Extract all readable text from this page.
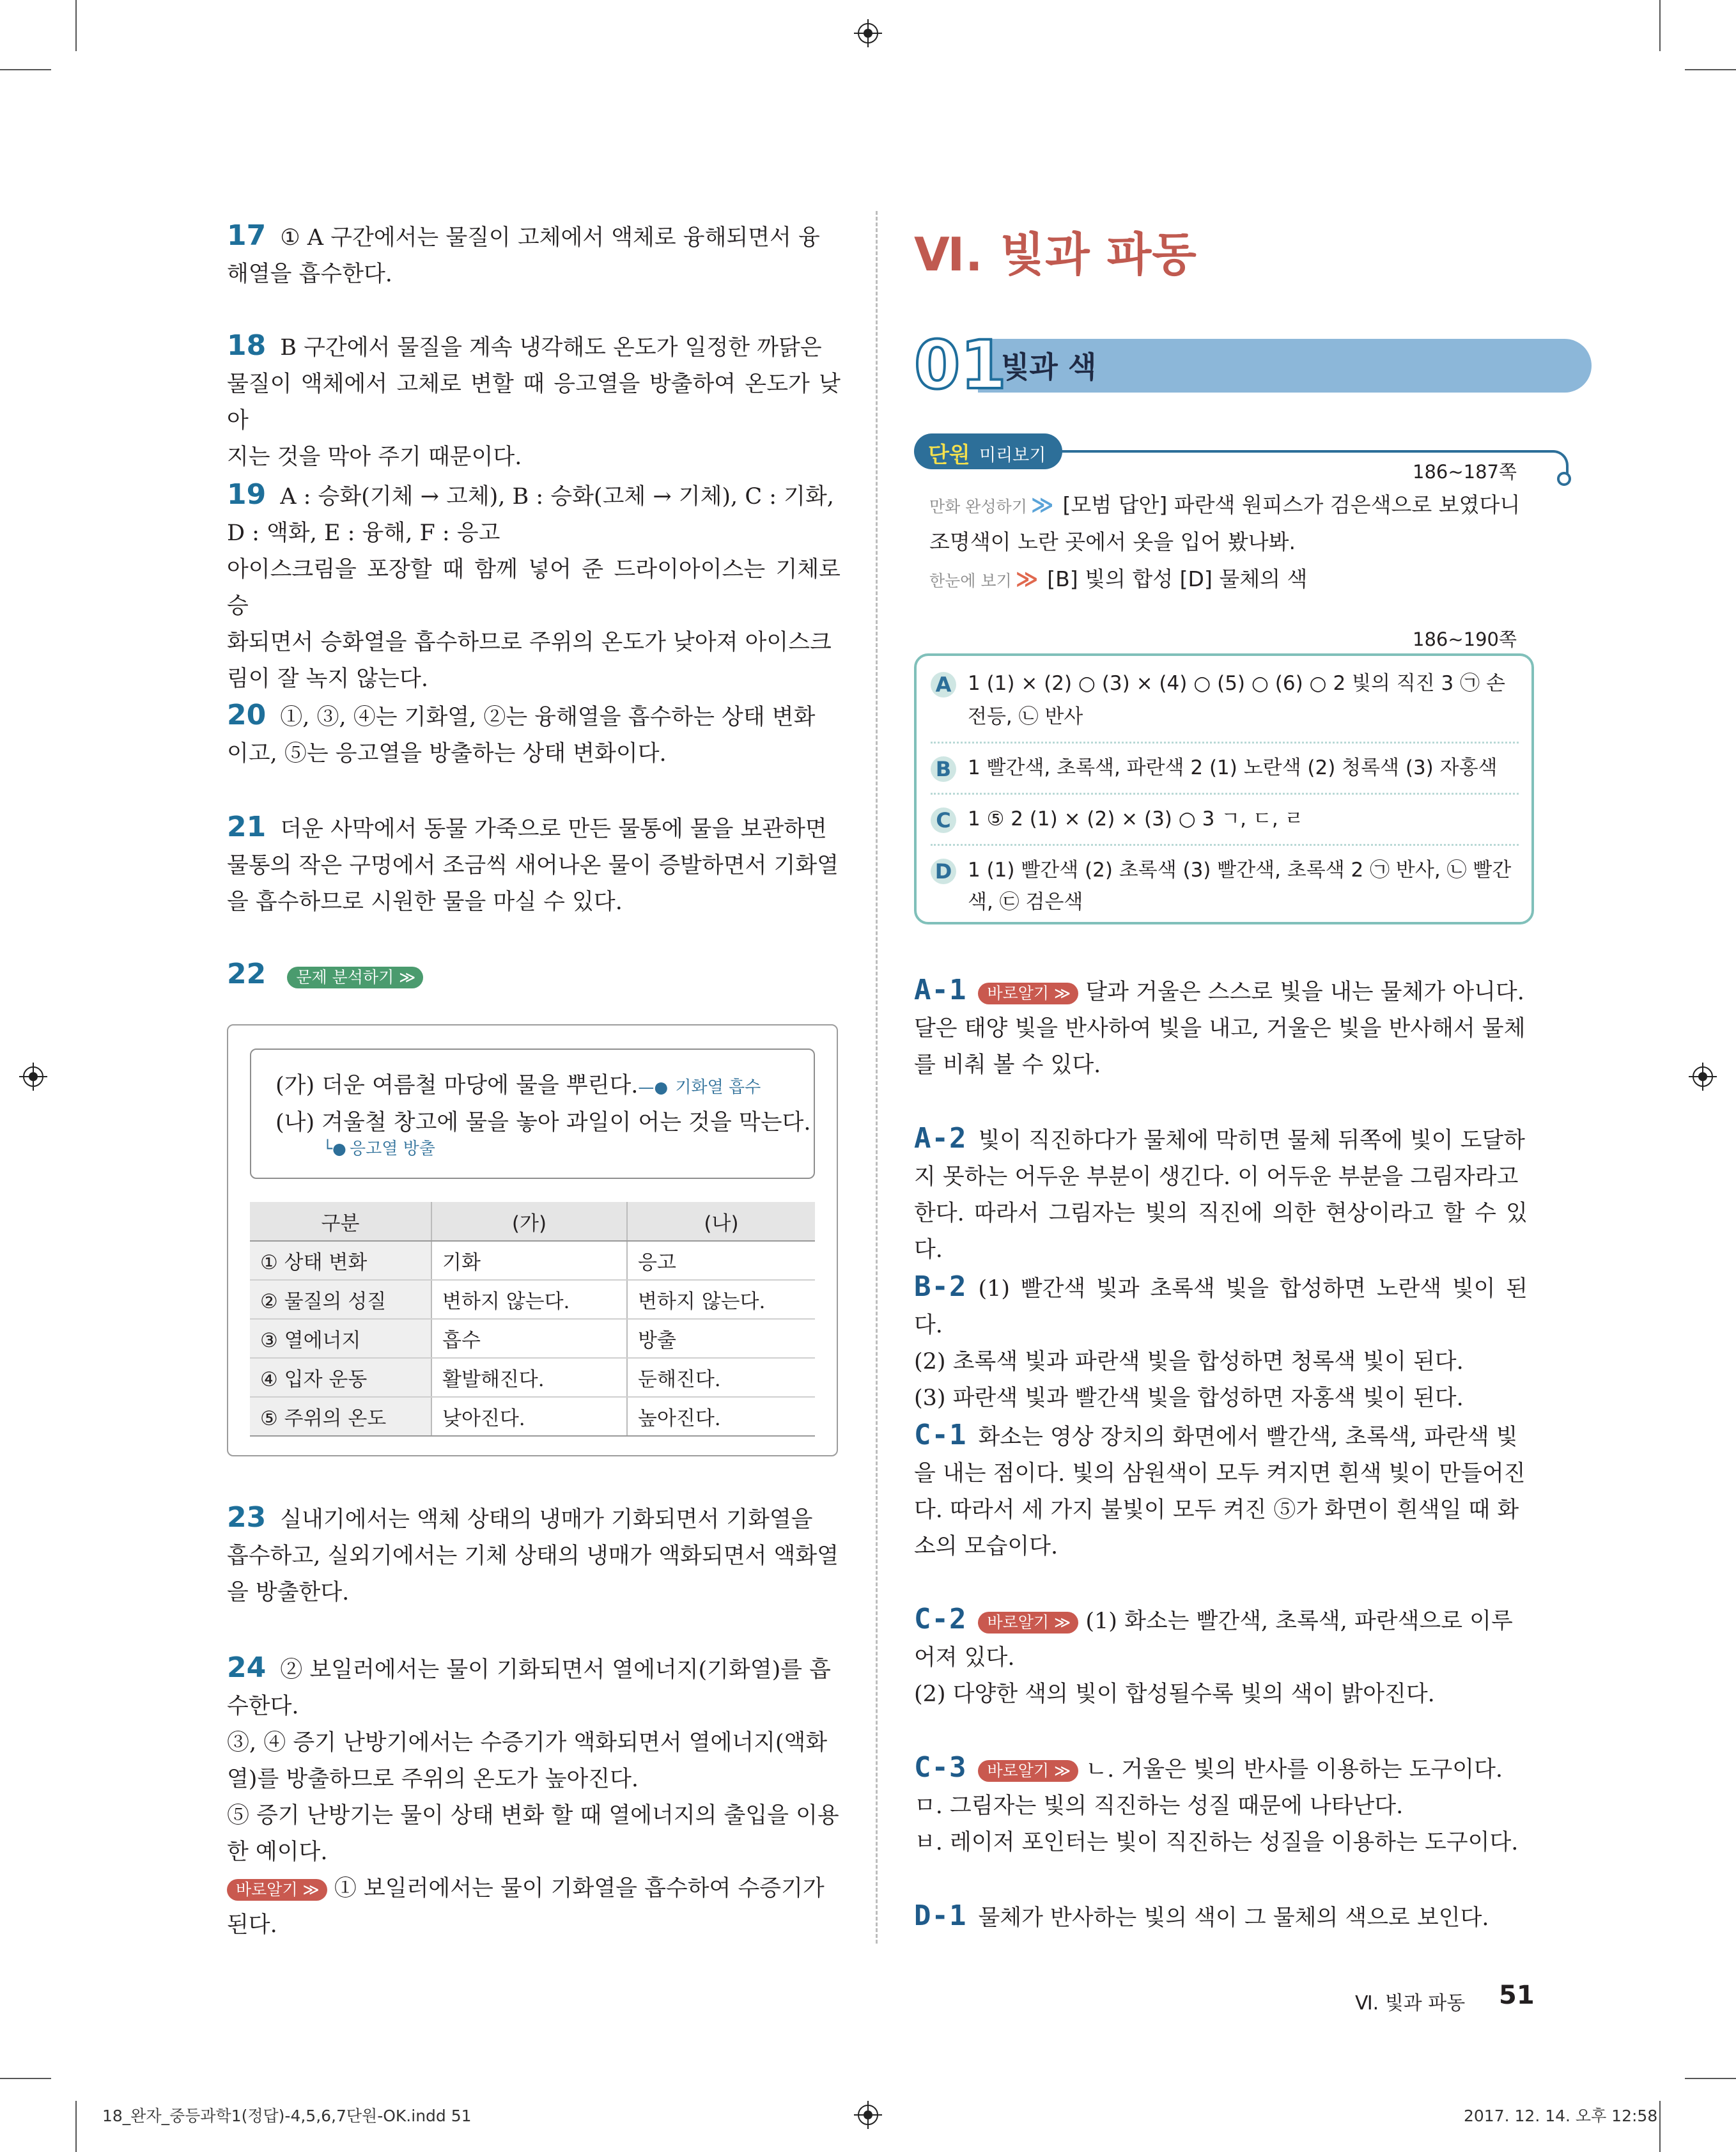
17 ① A 구간에서는 물질이 고체에서 액체로 융해되면서 융
해열을 흡수한다.
18 B 구간에서 물질을 계속 냉각해도 온도가 일정한 까닭은
물질이 액체에서 고체로 변할 때 응고열을 방출하여 온도가 낮아
지는 것을 막아 주기 때문이다.
19 A : 승화(기체 → 고체), B : 승화(고체 → 기체), C : 기화,
D : 액화, E : 융해, F : 응고
아이스크림을 포장할 때 함께 넣어 준 드라이아이스는 기체로 승
화되면서 승화열을 흡수하므로 주위의 온도가 낮아져 아이스크
림이 잘 녹지 않는다.
20 ①, ③, ④는 기화열, ②는 융해열을 흡수하는 상태 변화
이고, ⑤는 응고열을 방출하는 상태 변화이다.
21 더운 사막에서 동물 가죽으로 만든 물통에 물을 보관하면
물통의 작은 구멍에서 조금씩 새어나온 물이 증발하면서 기화열
을 흡수하므로 시원한 물을 마실 수 있다.
22 문제 분석하기 ≫
(가) 더운 여름철 마당에 물을 뿌린다.—● 기화열 흡수
(나) 겨울철 창고에 물을 놓아 과일이 어는 것을 막는다.
└● 응고열 방출
구분	(가)	(나)
① 상태 변화	기화	응고
② 물질의 성질	변하지 않는다.	변하지 않는다.
③ 열에너지	흡수	방출
④ 입자 운동	활발해진다.	둔해진다.
⑤ 주위의 온도	낮아진다.	높아진다.
23 실내기에서는 액체 상태의 냉매가 기화되면서 기화열을
흡수하고, 실외기에서는 기체 상태의 냉매가 액화되면서 액화열
을 방출한다.
24 ② 보일러에서는 물이 기화되면서 열에너지(기화열)를 흡
수한다.
③, ④ 증기 난방기에서는 수증기가 액화되면서 열에너지(액화
열)를 방출하므로 주위의 온도가 높아진다.
⑤ 증기 난방기는 물이 상태 변화 할 때 열에너지의 출입을 이용
한 예이다.
바로알기 ≫ ① 보일러에서는 물이 기화열을 흡수하여 수증기가
된다.
Ⅵ. 빛과 파동
01
빛과 색
단원 미리보기
186~187쪽
만화 완성하기 ≫ [모범 답안] 파란색 원피스가 검은색으로 보였다니
조명색이 노란 곳에서 옷을 입어 봤나봐.
한눈에 보기 ≫ [B] 빛의 합성 [D] 물체의 색
186~190쪽
A 1 (1) × (2) ○ (3) × (4) ○ (5) ○ (6) ○ 2 빛의 직진 3 ㉠ 손
전등, ㉡ 반사
B 1 빨간색, 초록색, 파란색 2 (1) 노란색 (2) 청록색 (3) 자홍색
C 1 ⑤ 2 (1) × (2) × (3) ○ 3 ㄱ, ㄷ, ㄹ
D 1 (1) 빨간색 (2) 초록색 (3) 빨간색, 초록색 2 ㉠ 반사, ㉡ 빨간
색, ㉢ 검은색
A-1 바로알기 ≫ 달과 거울은 스스로 빛을 내는 물체가 아니다.
달은 태양 빛을 반사하여 빛을 내고, 거울은 빛을 반사해서 물체
를 비춰 볼 수 있다.
A-2 빛이 직진하다가 물체에 막히면 물체 뒤쪽에 빛이 도달하
지 못하는 어두운 부분이 생긴다. 이 어두운 부분을 그림자라고
한다. 따라서 그림자는 빛의 직진에 의한 현상이라고 할 수 있다.
B-2 (1) 빨간색 빛과 초록색 빛을 합성하면 노란색 빛이 된다.
(2) 초록색 빛과 파란색 빛을 합성하면 청록색 빛이 된다.
(3) 파란색 빛과 빨간색 빛을 합성하면 자홍색 빛이 된다.
C-1 화소는 영상 장치의 화면에서 빨간색, 초록색, 파란색 빛
을 내는 점이다. 빛의 삼원색이 모두 켜지면 흰색 빛이 만들어진
다. 따라서 세 가지 불빛이 모두 켜진 ⑤가 화면이 흰색일 때 화
소의 모습이다.
C-2 바로알기 ≫ (1) 화소는 빨간색, 초록색, 파란색으로 이루
어져 있다.
(2) 다양한 색의 빛이 합성될수록 빛의 색이 밝아진다.
C-3 바로알기 ≫ ㄴ. 거울은 빛의 반사를 이용하는 도구이다.
ㅁ. 그림자는 빛의 직진하는 성질 때문에 나타난다.
ㅂ. 레이저 포인터는 빛이 직진하는 성질을 이용하는 도구이다.
D-1 물체가 반사하는 빛의 색이 그 물체의 색으로 보인다.
Ⅵ. 빛과 파동 51
18_완자_중등과학1(정답)-4,5,6,7단원-OK.indd 51	2017. 12. 14. 오후 12:58
